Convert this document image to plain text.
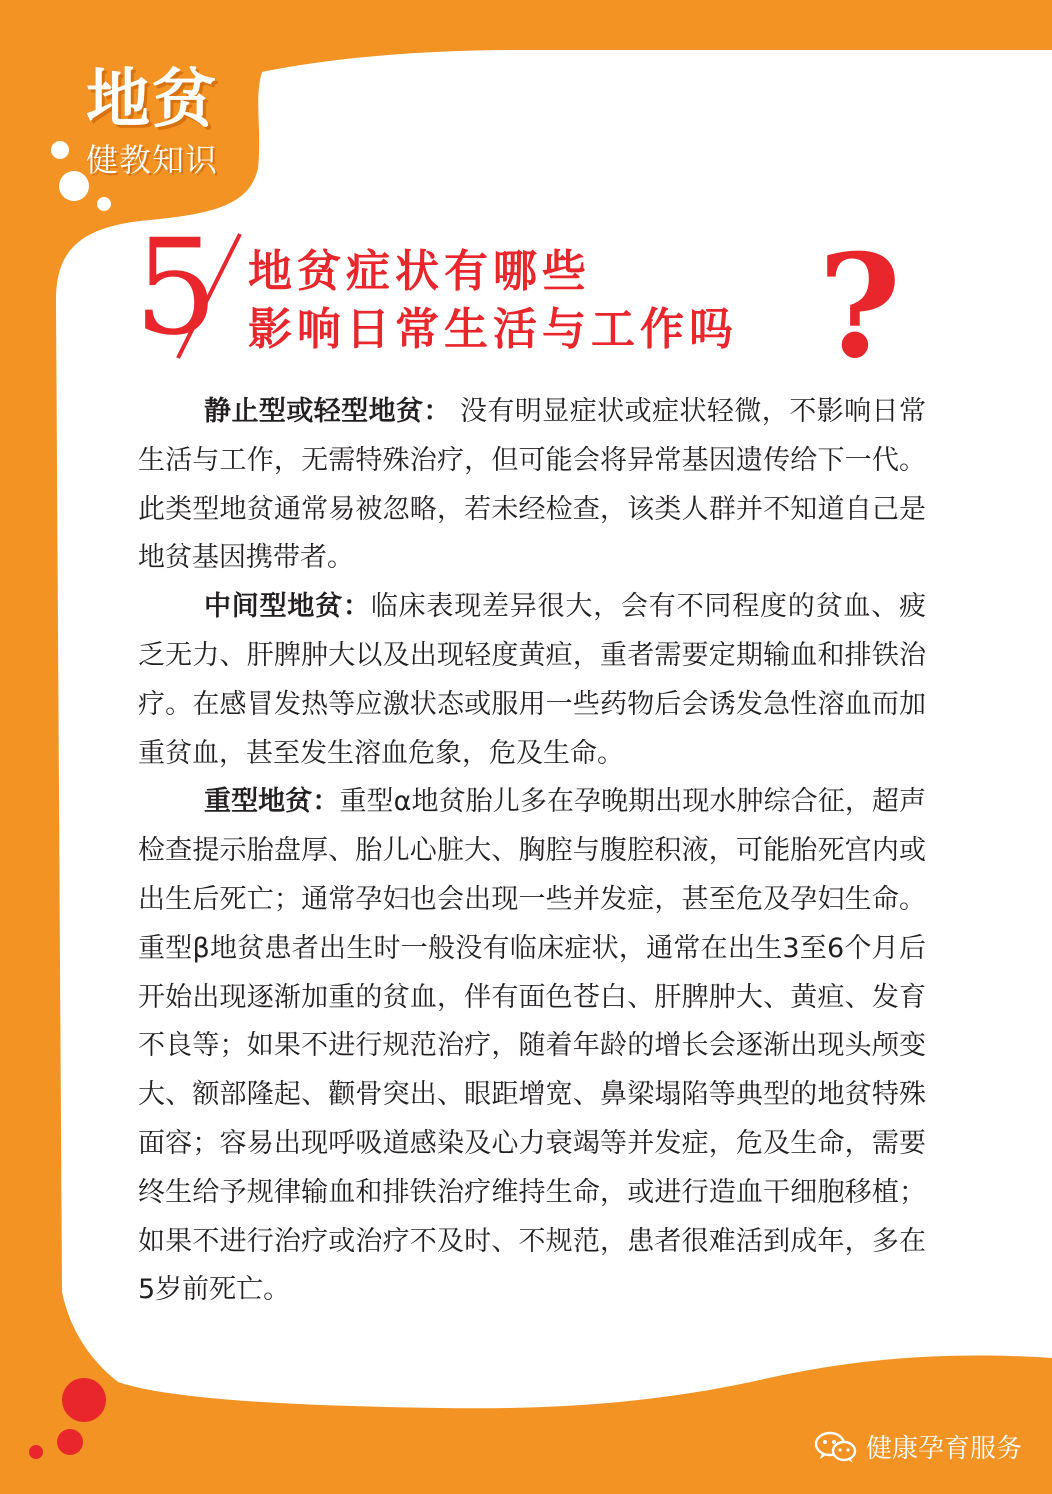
地贫
健教知识
5 地贫症状有哪些
影响日常生活与工作吗 ?

静止型或轻型地贫： 没有明显症状或症状轻微，不影响日常生活与工作，无需特殊治疗，但可能会将异常基因遗传给下一代。此类型地贫通常易被忽略，若未经检查，该类人群并不知道自己是地贫基因携带者。

中间型地贫：临床表现差异很大，会有不同程度的贫血、疲乏无力、肝脾肿大以及出现轻度黄疸，重者需要定期输血和排铁治疗。在感冒发热等应激状态或服用一些药物后会诱发急性溶血而加重贫血，甚至发生溶血危象，危及生命。

重型地贫：重型α地贫胎儿多在孕晚期出现水肿综合征，超声检查提示胎盘厚、胎儿心脏大、胸腔与腹腔积液，可能胎死宫内或出生后死亡；通常孕妇也会出现一些并发症，甚至危及孕妇生命。重型β地贫患者出生时一般没有临床症状，通常在出生3至6个月后开始出现逐渐加重的贫血，伴有面色苍白、肝脾肿大、黄疸、发育不良等；如果不进行规范治疗，随着年龄的增长会逐渐出现头颅变大、额部隆起、颧骨突出、眼距增宽、鼻梁塌陷等典型的地贫特殊面容；容易出现呼吸道感染及心力衰竭等并发症，危及生命，需要终生给予规律输血和排铁治疗维持生命，或进行造血干细胞移植；如果不进行治疗或治疗不及时、不规范，患者很难活到成年，多在5岁前死亡。

健康孕育服务
